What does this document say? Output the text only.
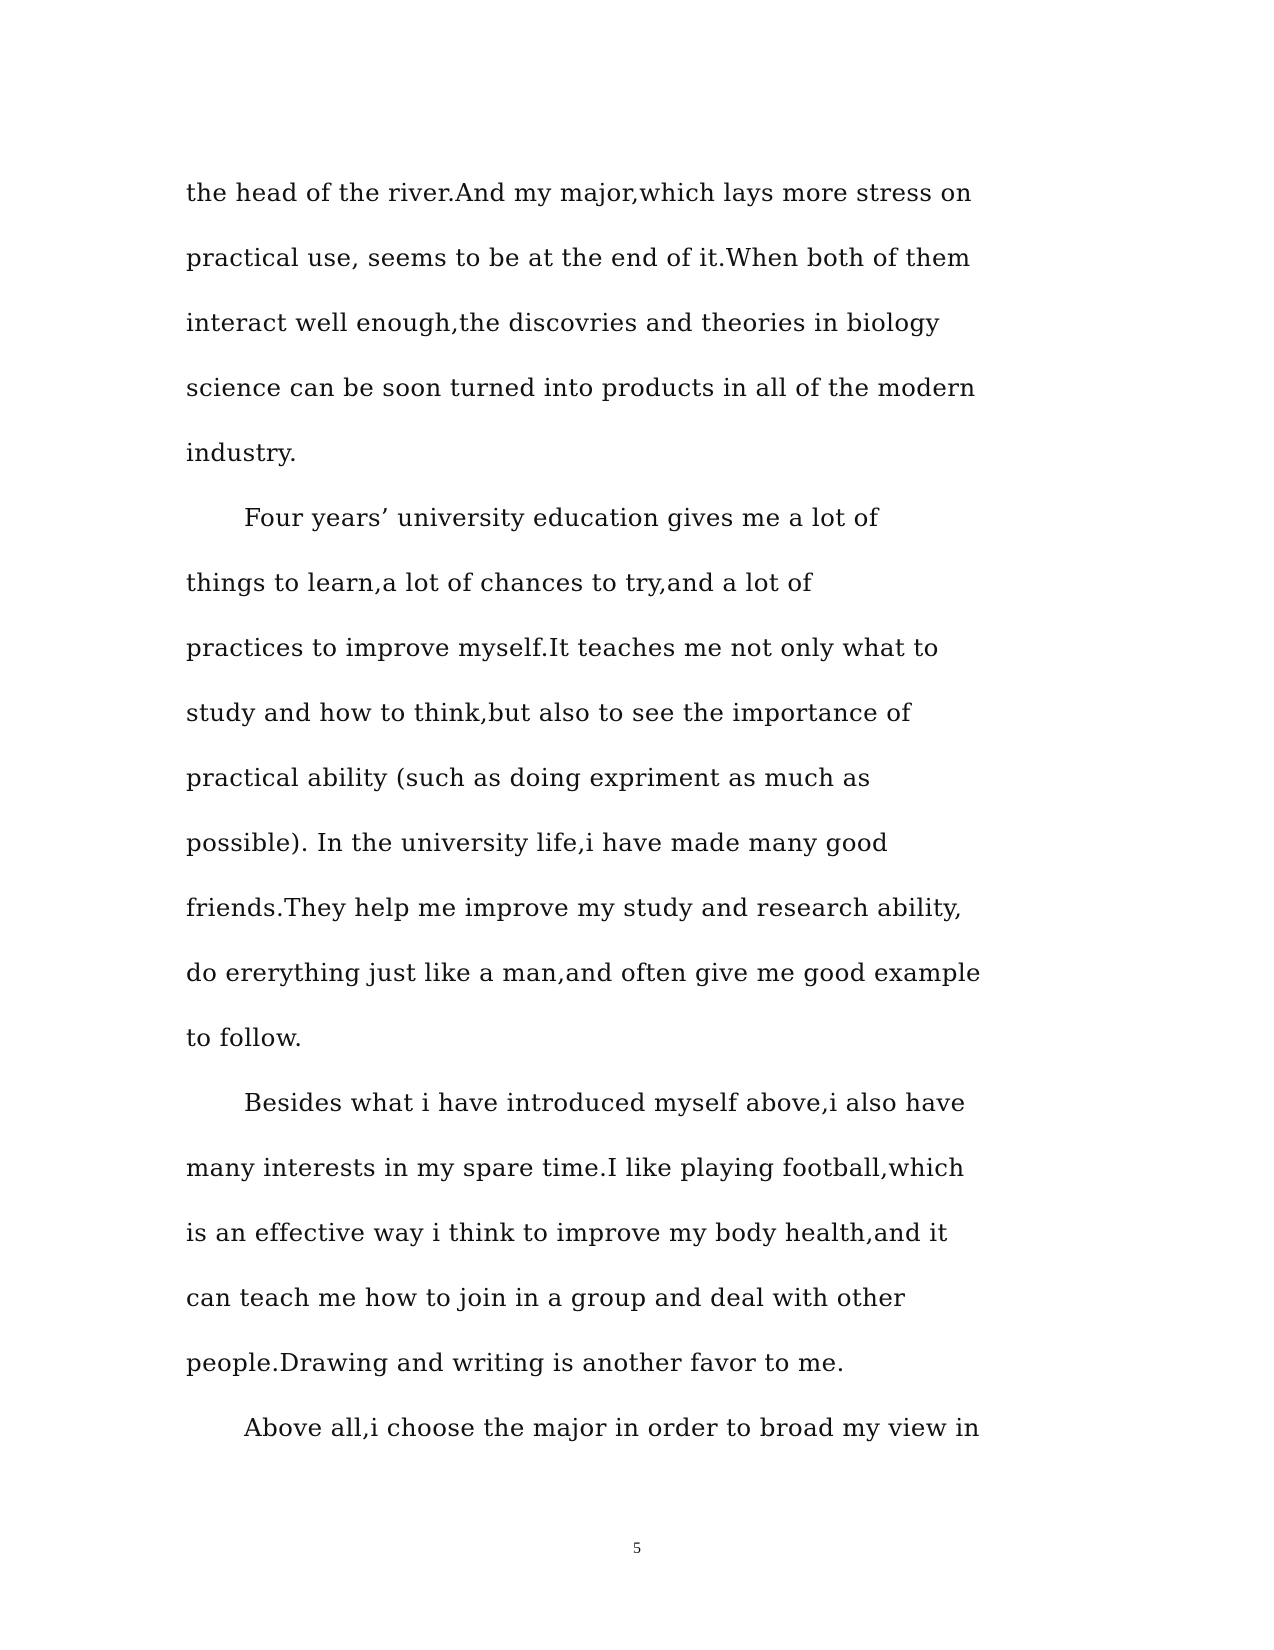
the head of the river.And my major,which lays more stress on
practical use, seems to be at the end of it.When both of them
interact well enough,the discovries and theories in biology
science can be soon turned into products in all of the modern
industry.
Four years’ university education gives me a lot of
things to learn,a lot of chances to try,and a lot of
practices to improve myself.It teaches me not only what to
study and how to think,but also to see the importance of
practical ability (such as doing expriment as much as
possible). In the university life,i have made many good
friends.They help me improve my study and research ability,
do ererything just like a man,and often give me good example
to follow.
Besides what i have introduced myself above,i also have
many interests in my spare time.I like playing football,which
is an effective way i think to improve my body health,and it
can teach me how to join in a group and deal with other
people.Drawing and writing is another favor to me.
Above all,i choose the major in order to broad my view in
5
